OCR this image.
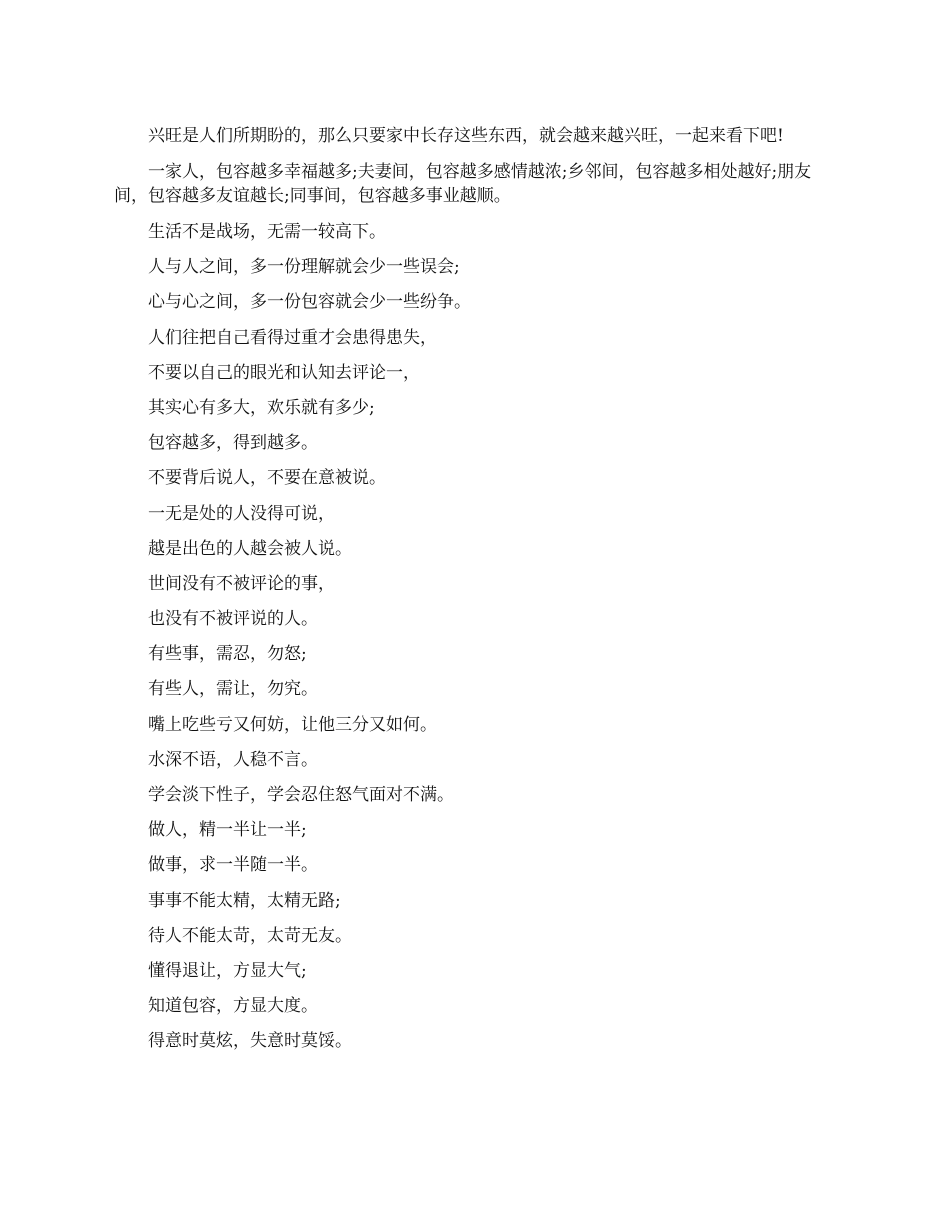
兴旺是人们所期盼的，那么只要家中长存这些东西，就会越来越兴旺，一起来看下吧!

一家人，包容越多幸福越多;夫妻间，包容越多感情越浓;乡邻间，包容越多相处越好;朋友间，包容越多友谊越长;同事间，包容越多事业越顺。

生活不是战场，无需一较高下。

人与人之间，多一份理解就会少一些误会;

心与心之间，多一份包容就会少一些纷争。

人们往把自己看得过重才会患得患失，

不要以自己的眼光和认知去评论一，

其实心有多大，欢乐就有多少;

包容越多，得到越多。

不要背后说人，不要在意被说。

一无是处的人没得可说，

越是出色的人越会被人说。

世间没有不被评论的事，

也没有不被评说的人。

有些事，需忍，勿怒;

有些人，需让，勿究。

嘴上吃些亏又何妨，让他三分又如何。

水深不语，人稳不言。

学会淡下性子，学会忍住怒气面对不满。

做人，精一半让一半;

做事，求一半随一半。

事事不能太精，太精无路;

待人不能太苛，太苛无友。

懂得退让，方显大气;

知道包容，方显大度。

得意时莫炫，失意时莫馁。
